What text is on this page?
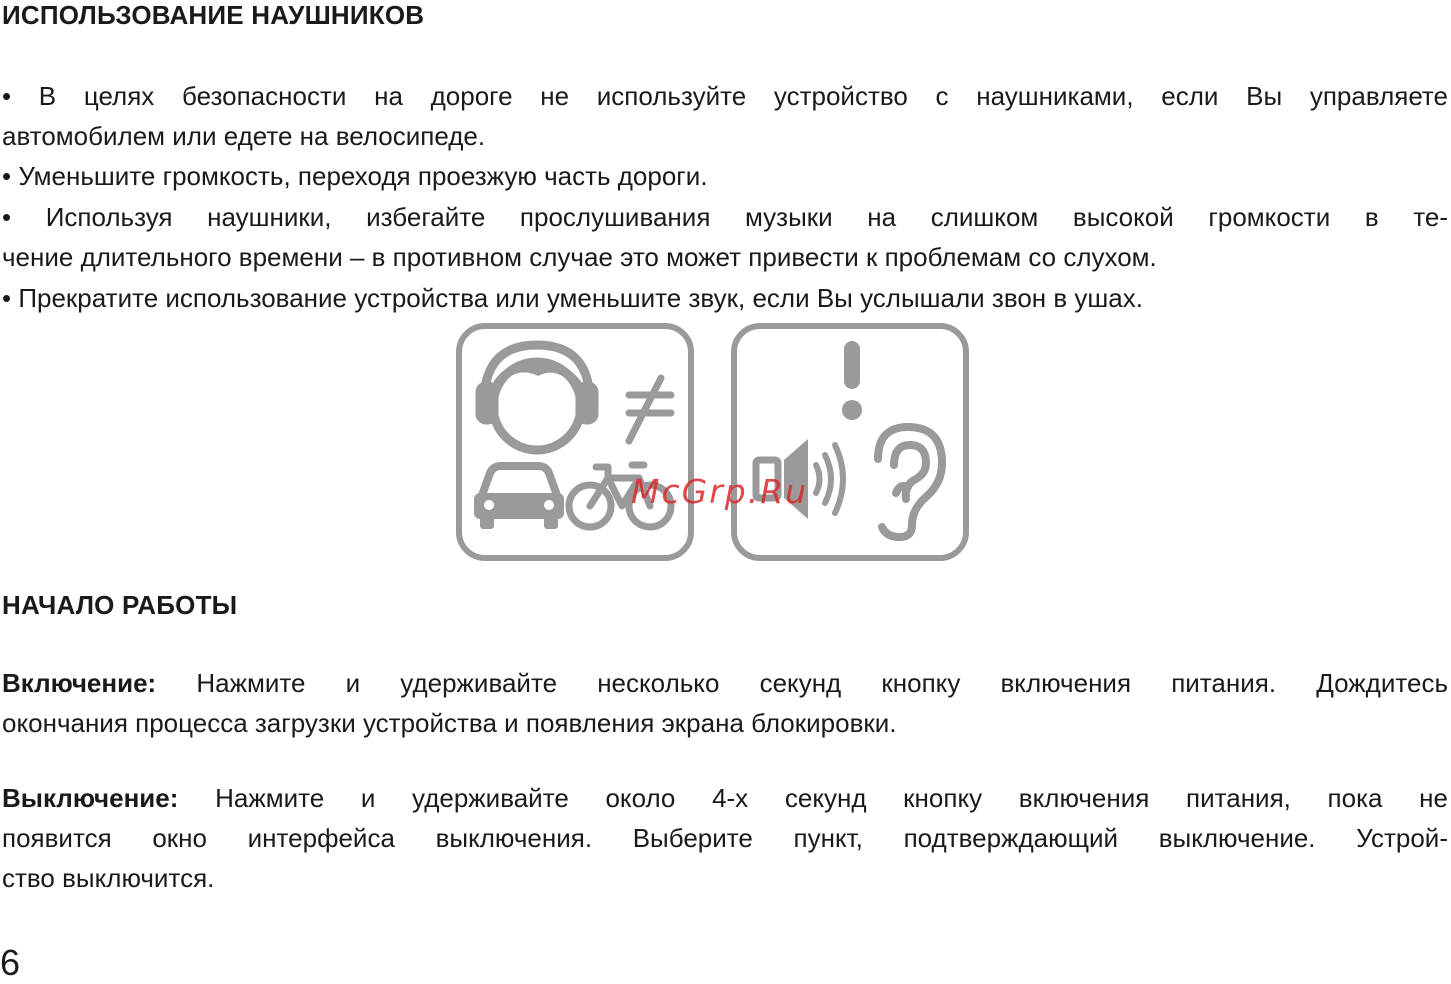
ИСПОЛЬЗОВАНИЕ НАУШНИКОВ

• В целях безопасности на дороге не используйте устройство с наушниками, если Вы управляете
автомобилем или едете на велосипеде.

• Уменьшите громкость, переходя проезжую часть дороги.

• Используя наушники, избегайте прослушивания музыки на слишком высокой громкости в те-
чение длительного времени – в противном случае это может привести к проблемам со слухом.

• Прекратите использование устройства или уменьшите звук, если Вы услышали звон в ушах.

McGrp.Ru
НАЧАЛО РАБОТЫ

Включение: Нажмите и удерживайте несколько секунд кнопку включения питания. Дождитесь
окончания процесса загрузки устройства и появления экрана блокировки.

Выключение: Нажмите и удерживайте около 4-х секунд кнопку включения питания, пока не
появится окно интерфейса выключения. Выберите пункт, подтверждающий выключение. Устрой-
ство выключится.

6
